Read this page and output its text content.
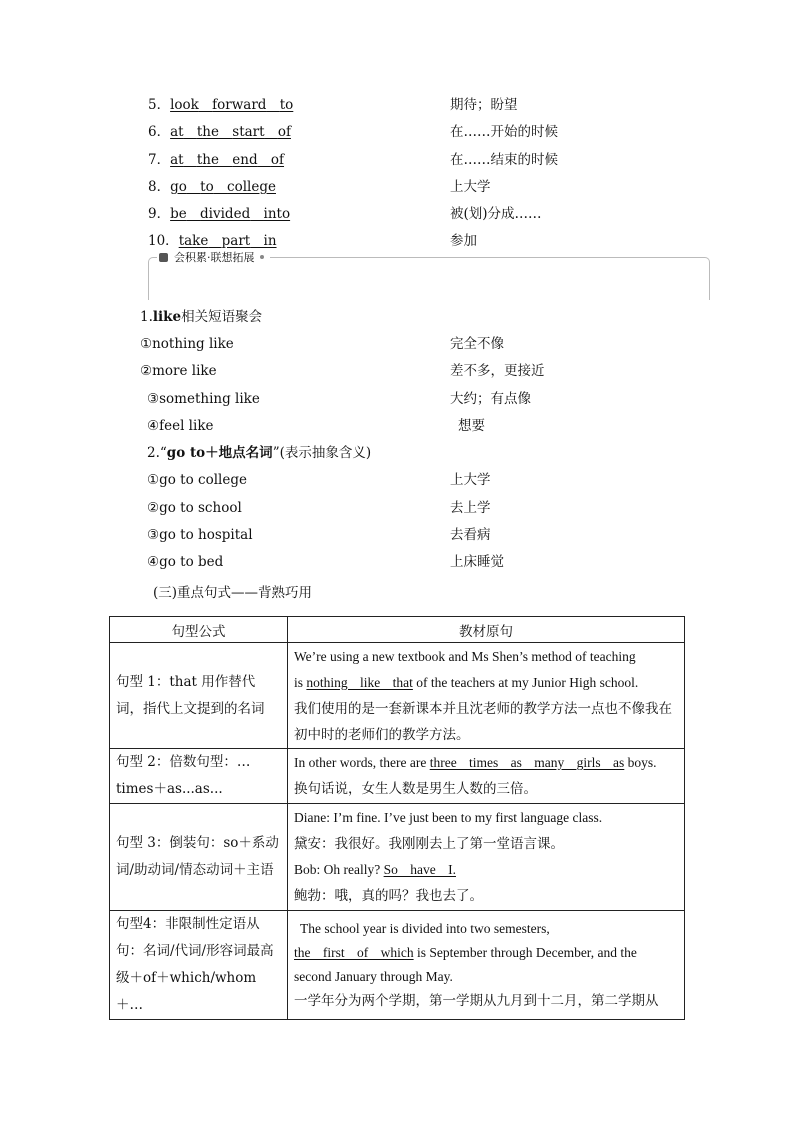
5．look forward to	期待；盼望
6．at the start of	在……开始的时候
7．at the end of	在……结束的时候
8．go to college	上大学
9．be divided into	被(划)分成……
10．take part in	参加
会积累·联想拓展
1.like相关短语聚会
①nothing like	完全不像
②more like	差不多，更接近
③something like	大约；有点像
④feel like	想要
2.“go to＋地点名词”(表示抽象含义)
①go to college	上大学
②go to school	去上学
③go to hospital	去看病
④go to bed	上床睡觉
(三)重点句式——背熟巧用
句型公式	教材原句
句型 1：that 用作替代词，指代上文提到的名词	We’re using a new textbook and Ms Shen’s method of teaching
is nothing like that of the teachers at my Junior High school.
我们使用的是一套新课本并且沈老师的教学方法一点也不像我在初中时的老师们的教学方法。

句型 2：倍数句型：…times＋as...as...	In other words, there are three times as many girls as boys.
换句话说，女生人数是男生人数的三倍。

句型 3：倒装句：so＋系动词/助动词/情态动词＋主语	Diane: I’m fine. I’ve just been to my first language class.
黛安：我很好。我刚刚去上了第一堂语言课。
Bob: Oh really? So have I.
鲍勃：哦，真的吗？我也去了。

句型4：非限制性定语从句：名词/代词/形容词最高级＋of＋which/whom＋…	The school year is divided into two semesters,
the first of which is September through December, and the
second January through May.
一学年分为两个学期，第一学期从九月到十二月，第二学期从
